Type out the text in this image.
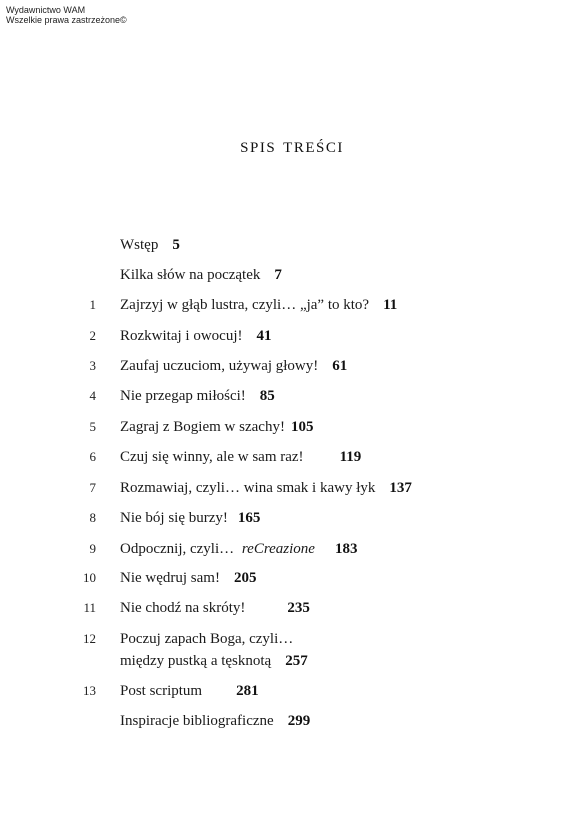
Wydawnictwo WAM
Wszelkie prawa zastrzeżone©
spis treści
Wstęp 5
Kilka słów na początek 7
1 Zajrzyj w głąb lustra, czyli… „ja” to kto? 11
2 Rozkwitaj i owocuj! 41
3 Zaufaj uczuciom, używaj głowy! 61
4 Nie przegap miłości! 85
5 Zagraj z Bogiem w szachy! 105
6 Czuj się winny, ale w sam raz! 119
7 Rozmawiaj, czyli… wina smak i kawy łyk 137
8 Nie bój się burzy! 165
9 Odpocznij, czyli… reCreazione 183
10 Nie wędruj sam! 205
11 Nie chodź na skróty!	235
12 Poczuj zapach Boga, czyli…
między pustką a tęsknotą 257
13 Post scriptum 281
Inspiracje bibliograficzne 299
